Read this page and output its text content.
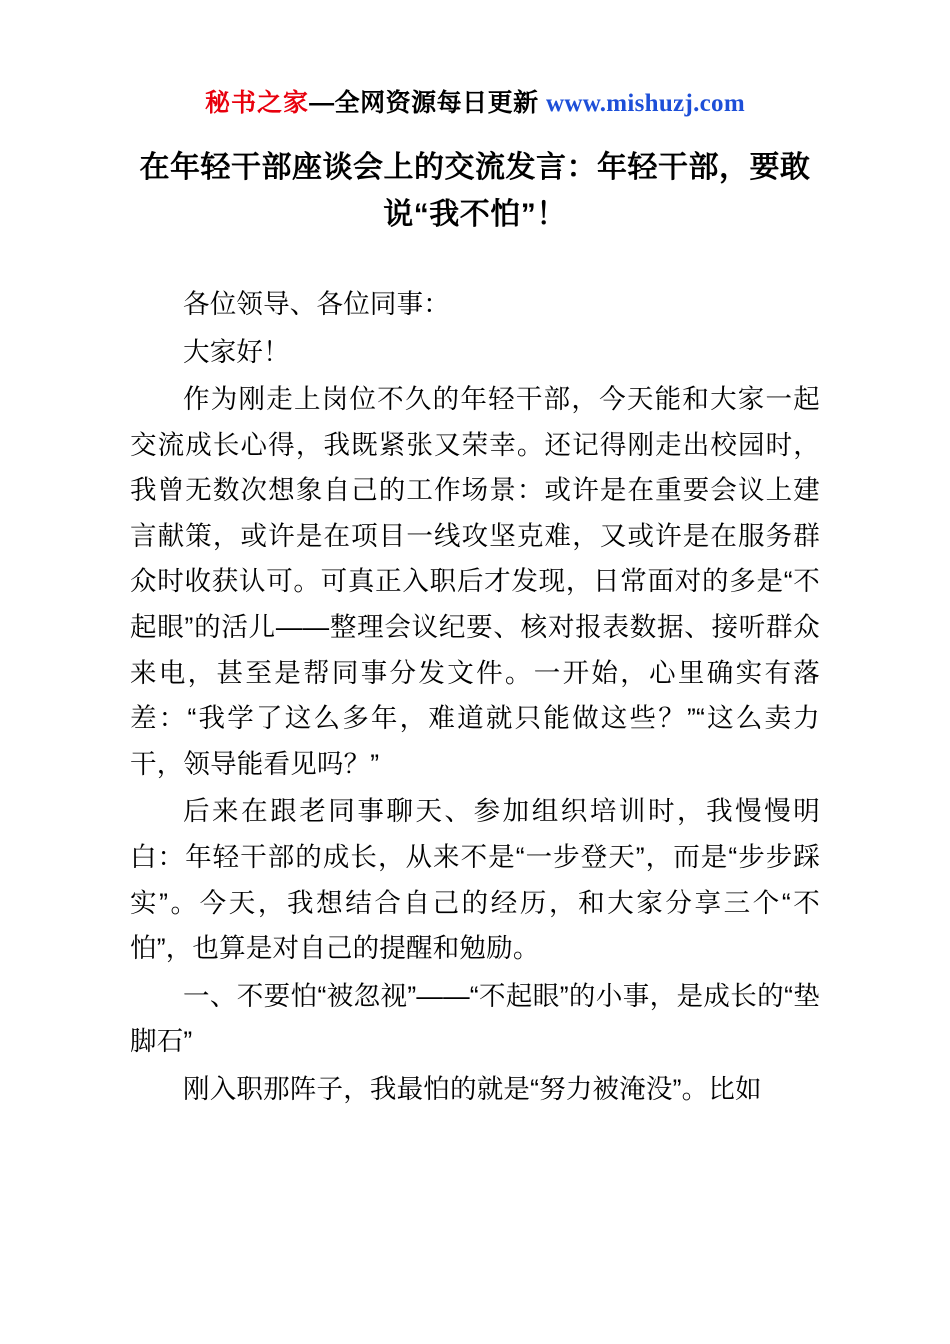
秘书之家—全网资源每日更新 www.mishuzj.com
在年轻干部座谈会上的交流发言：年轻干部，要敢说“我不怕”！

各位领导、各位同事：

大家好！

作为刚走上岗位不久的年轻干部，今天能和大家一起交流成长心得，我既紧张又荣幸。还记得刚走出校园时，我曾无数次想象自己的工作场景：或许是在重要会议上建言献策，或许是在项目一线攻坚克难，又或许是在服务群众时收获认可。可真正入职后才发现，日常面对的多是“不起眼”的活儿——整理会议纪要、核对报表数据、接听群众来电，甚至是帮同事分发文件。一开始，心里确实有落差：“我学了这么多年，难道就只能做这些？”“这么卖力干，领导能看见吗？”

后来在跟老同事聊天、参加组织培训时，我慢慢明白：年轻干部的成长，从来不是“一步登天”，而是“步步踩实”。今天，我想结合自己的经历，和大家分享三个“不怕”，也算是对自己的提醒和勉励。

一、不要怕“被忽视”——“不起眼”的小事，是成长的“垫脚石”

刚入职那阵子，我最怕的就是“努力被淹没”。比如
